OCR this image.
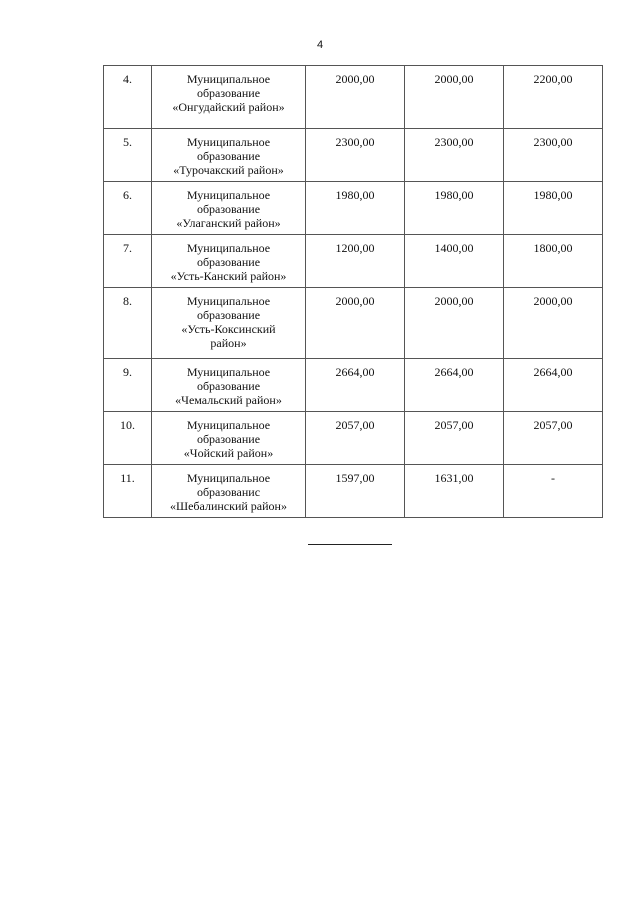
4
4.	Муниципальное
образование
«Онгудайский район»	2000,00	2000,00	2200,00
5.	Муниципальное
образование
«Турочакский район»	2300,00	2300,00	2300,00
6.	Муниципальное
образование
«Улаганский район»	1980,00	1980,00	1980,00
7.	Муниципальное
образование
«Усть-Канский район»	1200,00	1400,00	1800,00
8.	Муниципальное
образование
«Усть-Коксинский
район»	2000,00	2000,00	2000,00
9.	Муниципальное
образование
«Чемальский район»	2664,00	2664,00	2664,00
10.	Муниципальное
образование
«Чойский район»	2057,00	2057,00	2057,00
11.	Муниципальное
образованис
«Шебалинский район»	1597,00	1631,00	-
